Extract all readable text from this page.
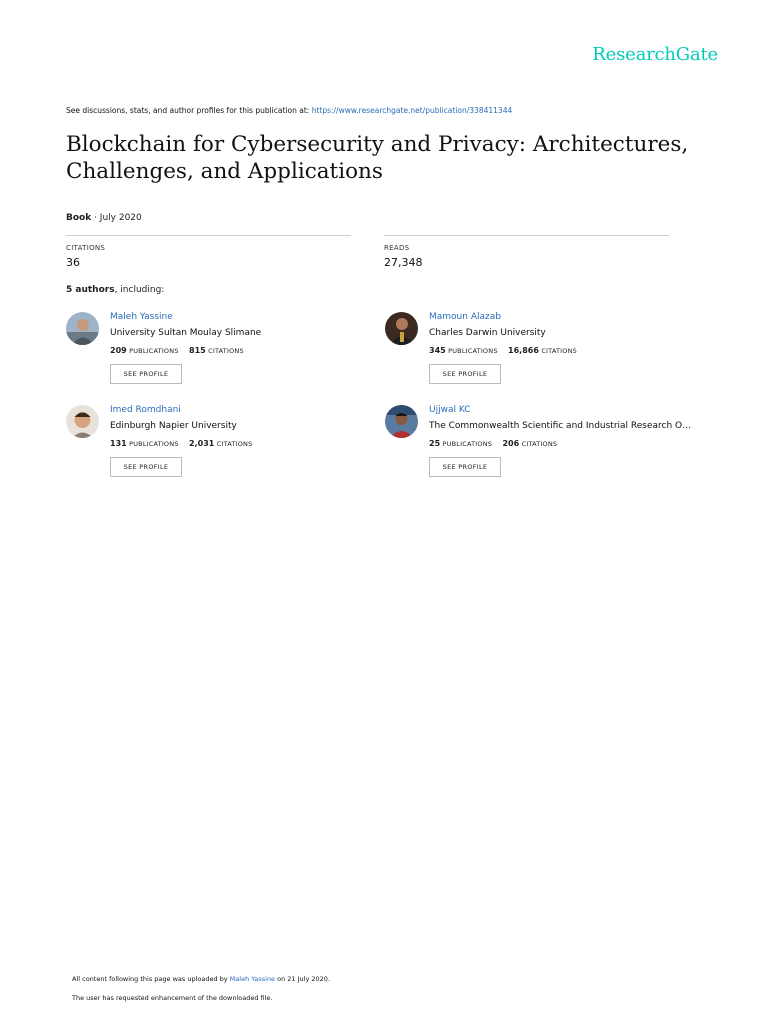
ResearchGate
See discussions, stats, and author profiles for this publication at: https://www.researchgate.net/publication/338411344
Blockchain for Cybersecurity and Privacy: Architectures, Challenges, and Applications
Book · July 2020
CITATIONS
36
READS
27,348
5 authors, including:
Maleh Yassine
University Sultan Moulay Slimane
209 PUBLICATIONS 815 CITATIONS
SEE PROFILE
Mamoun Alazab
Charles Darwin University
345 PUBLICATIONS 16,866 CITATIONS
SEE PROFILE
Imed Romdhani
Edinburgh Napier University
131 PUBLICATIONS 2,031 CITATIONS
SEE PROFILE
Ujjwal KC
The Commonwealth Scientific and Industrial Research O…
25 PUBLICATIONS 206 CITATIONS
SEE PROFILE
All content following this page was uploaded by Maleh Yassine on 21 July 2020.
The user has requested enhancement of the downloaded file.
